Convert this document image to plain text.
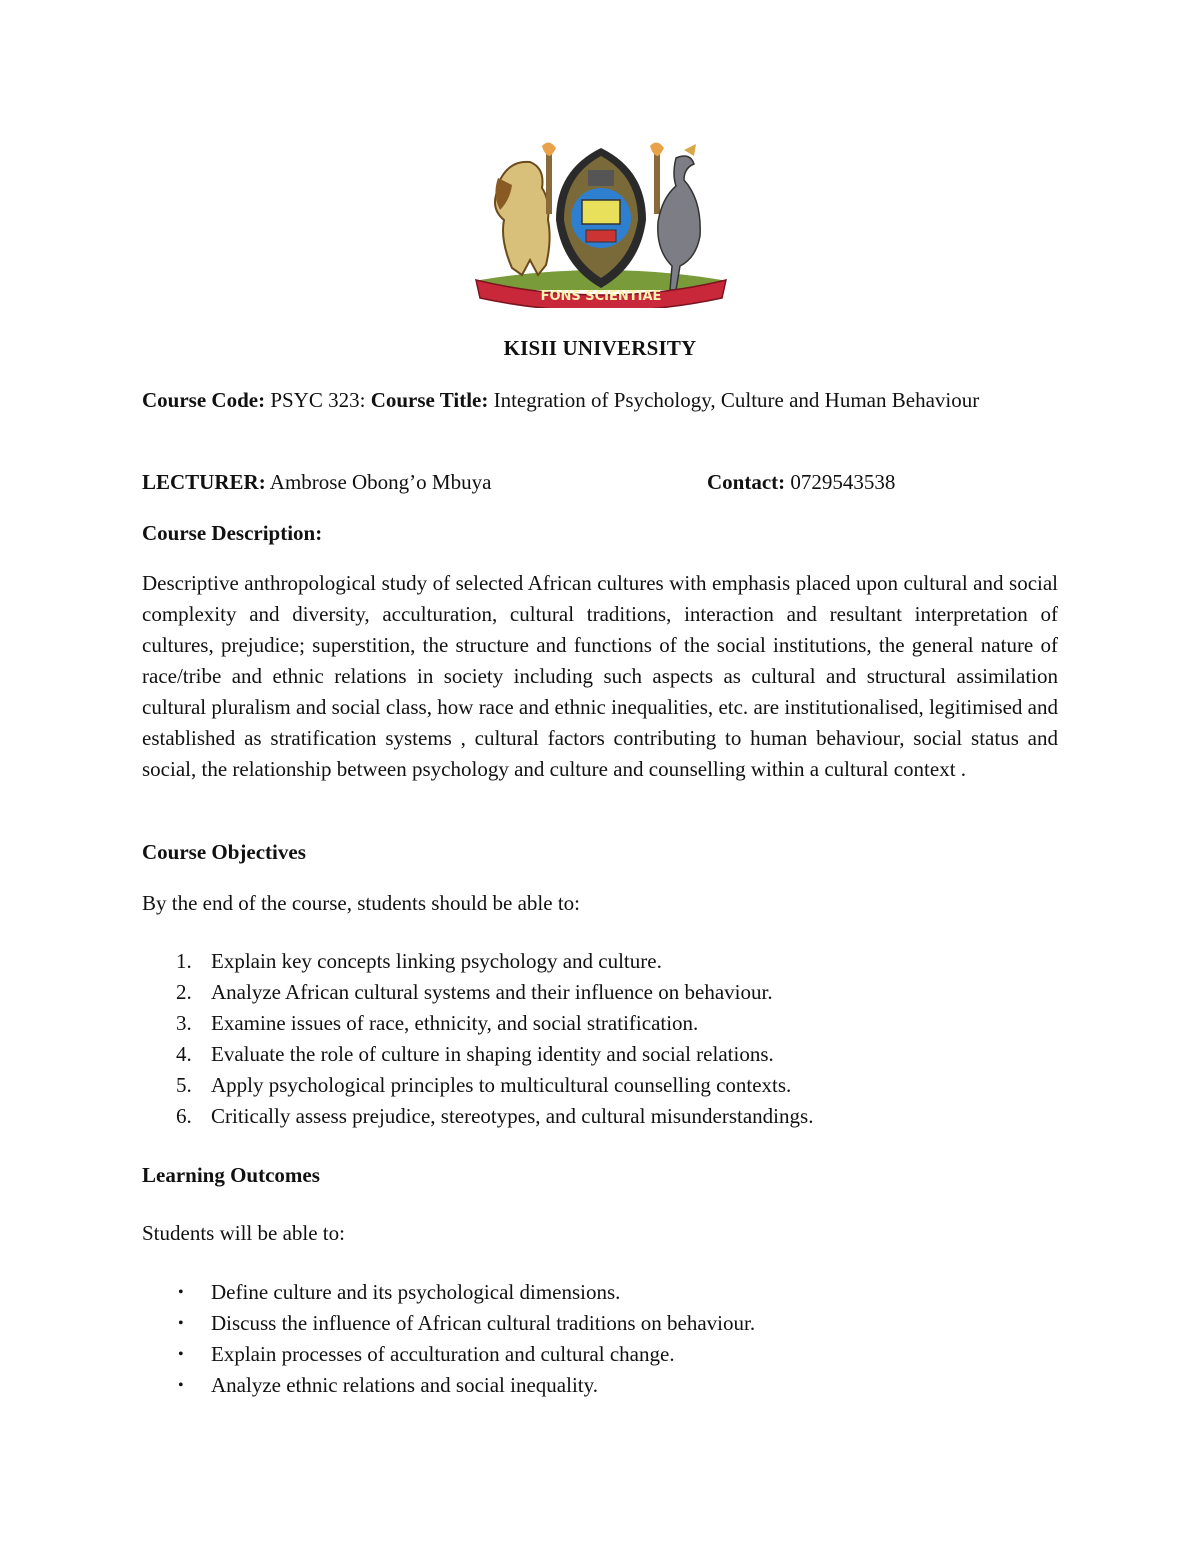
FONS SCIENTIAE
KISII UNIVERSITY
Course Code: PSYC 323: Course Title: Integration of Psychology, Culture and Human Behaviour
LECTURER: Ambrose Obong’o Mbuya	Contact: 0729543538
Course Description:
Descriptive anthropological study of selected African cultures with emphasis placed upon cultural and social complexity and diversity, acculturation, cultural traditions, interaction and resultant interpretation of cultures, prejudice; superstition, the structure and functions of the social institutions, the general nature of race/tribe and ethnic relations in society including such aspects as cultural and structural assimilation cultural pluralism and social class, how race and ethnic inequalities, etc. are institutionalised, legitimised and established as stratification systems , cultural factors contributing to human behaviour, social status and social, the relationship between psychology and culture and counselling within a cultural context .
Course Objectives
By the end of the course, students should be able to:
1. Explain key concepts linking psychology and culture.
2. Analyze African cultural systems and their influence on behaviour.
3. Examine issues of race, ethnicity, and social stratification.
4. Evaluate the role of culture in shaping identity and social relations.
5. Apply psychological principles to multicultural counselling contexts.
6. Critically assess prejudice, stereotypes, and cultural misunderstandings.
Learning Outcomes
Students will be able to:
• Define culture and its psychological dimensions.
• Discuss the influence of African cultural traditions on behaviour.
• Explain processes of acculturation and cultural change.
• Analyze ethnic relations and social inequality.
